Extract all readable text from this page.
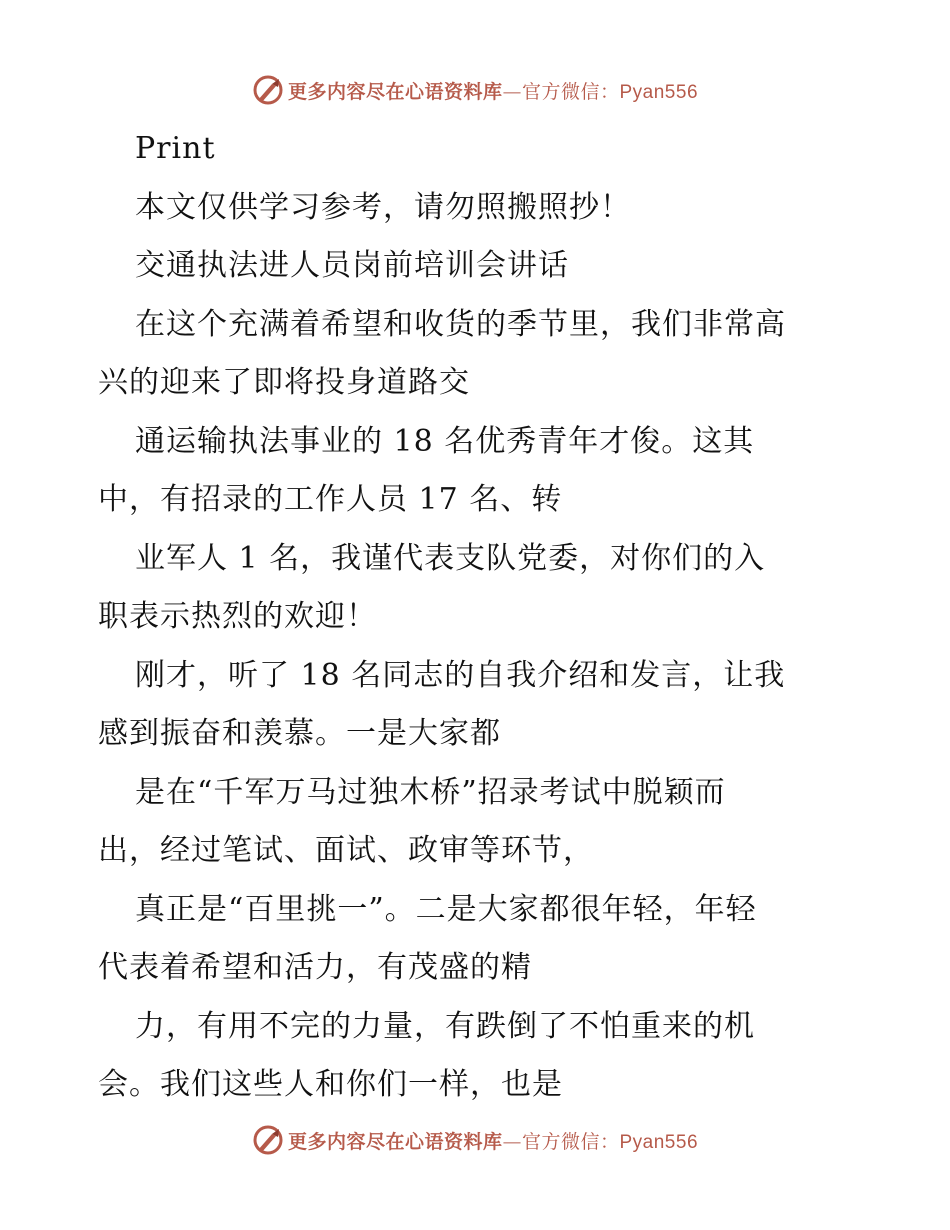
更多内容尽在心语资料库—官方微信：Pyan556
Print
本文仅供学习参考，请勿照搬照抄！
交通执法进人员岗前培训会讲话
在这个充满着希望和收货的季节里，我们非常高
兴的迎来了即将投身道路交
通运输执法事业的 18 名优秀青年才俊。这其
中，有招录的工作人员 17 名、转
业军人 1 名，我谨代表支队党委，对你们的入
职表示热烈的欢迎！
刚才，听了 18 名同志的自我介绍和发言，让我
感到振奋和羡慕。一是大家都
是在“千军万马过独木桥”招录考试中脱颖而
出，经过笔试、面试、政审等环节，
真正是“百里挑一”。二是大家都很年轻，年轻
代表着希望和活力，有茂盛的精
力，有用不完的力量，有跌倒了不怕重来的机
会。我们这些人和你们一样，也是
更多内容尽在心语资料库—官方微信：Pyan556
